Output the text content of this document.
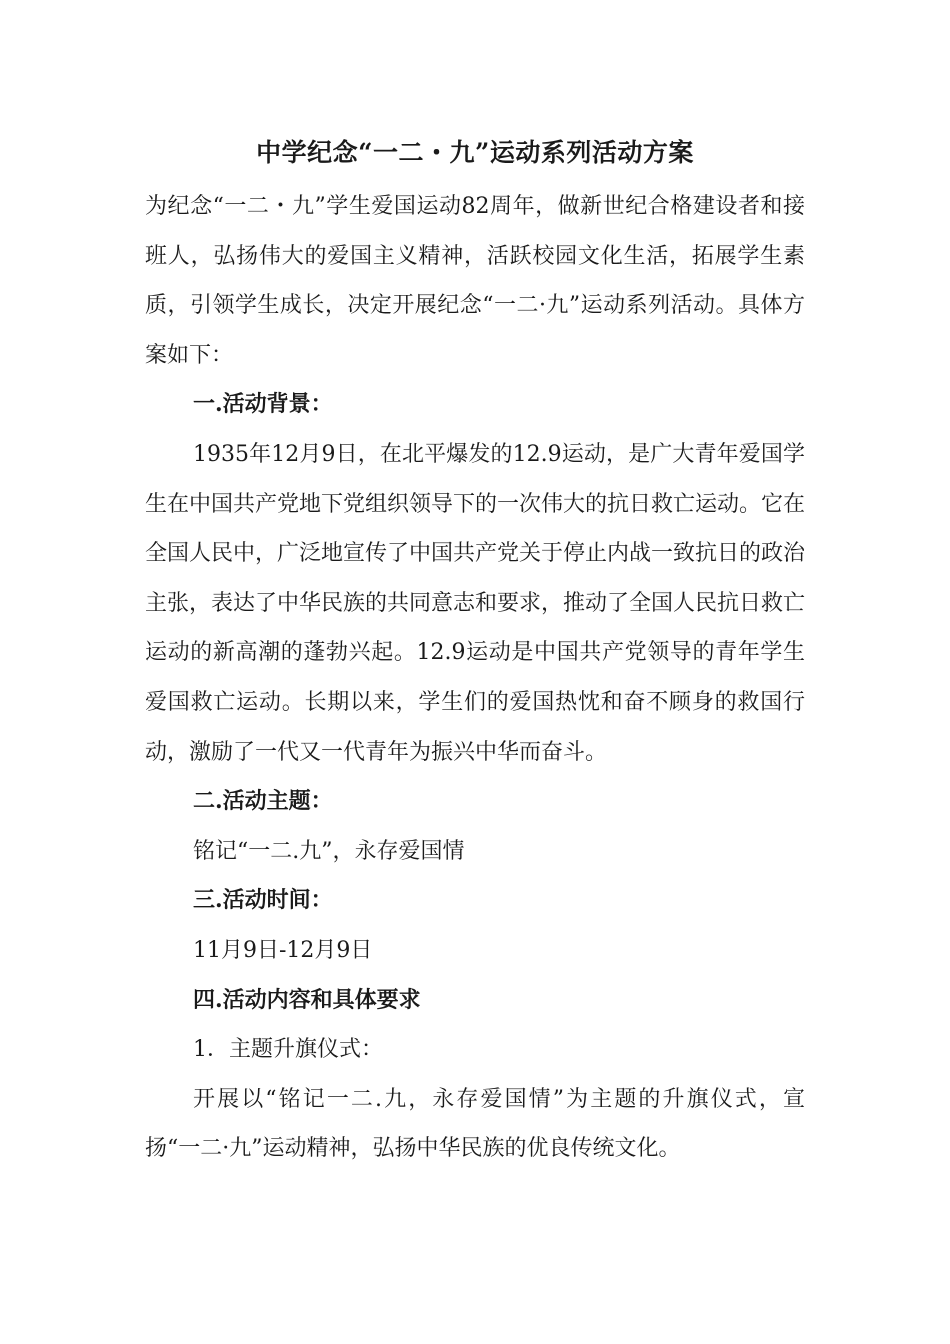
中学纪念“一二・九”运动系列活动方案

为纪念“一二・九”学生爱国运动82周年，做新世纪合格建设者和接班人，弘扬伟大的爱国主义精神，活跃校园文化生活，拓展学生素质，引领学生成长，决定开展纪念“一二·九”运动系列活动。具体方案如下：

一.活动背景：

1935年12月9日，在北平爆发的12.9运动，是广大青年爱国学生在中国共产党地下党组织领导下的一次伟大的抗日救亡运动。它在全国人民中，广泛地宣传了中国共产党关于停止内战一致抗日的政治主张，表达了中华民族的共同意志和要求，推动了全国人民抗日救亡运动的新高潮的蓬勃兴起。12.9运动是中国共产党领导的青年学生爱国救亡运动。长期以来，学生们的爱国热忱和奋不顾身的救国行动，激励了一代又一代青年为振兴中华而奋斗。

二.活动主题：

铭记“一二.九”，永存爱国情

三.活动时间：

11月9日-12月9日

四.活动内容和具体要求

1．主题升旗仪式：

开展以“铭记一二.九，永存爱国情”为主题的升旗仪式，宣扬“一二·九”运动精神，弘扬中华民族的优良传统文化。
